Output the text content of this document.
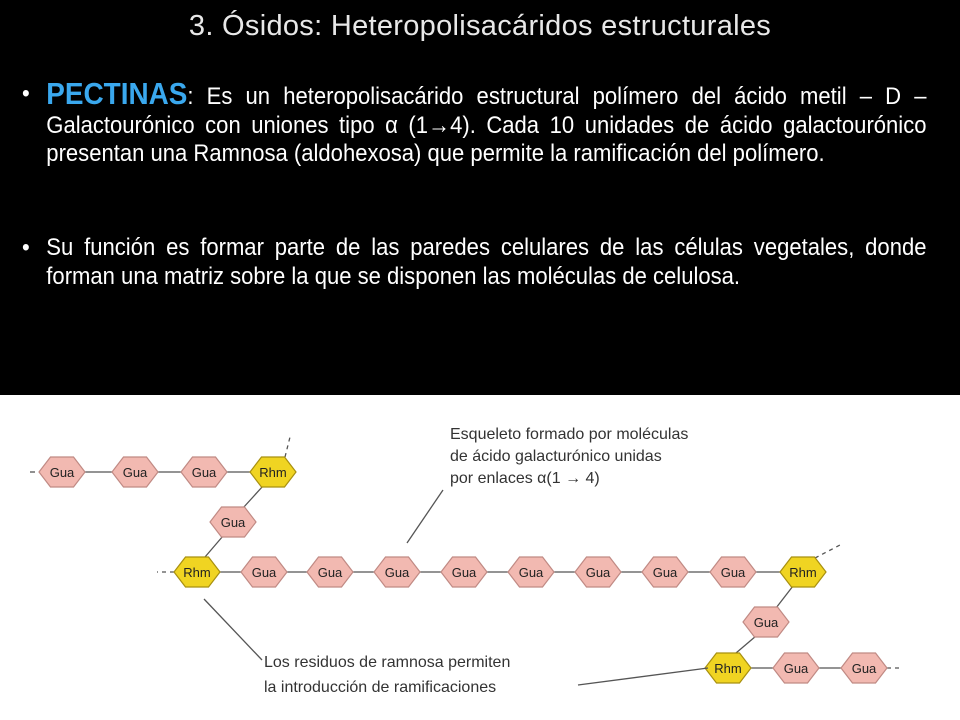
3. Ósidos: Heteropolisacáridos estructurales
• PECTINAS: Es un heteropolisacárido estructural polímero del ácido metil – D – Galactourónico con uniones tipo α (1→4). Cada 10 unidades de ácido galactourónico presentan una Ramnosa (aldohexosa) que permite la ramificación del polímero.
• Su función es formar parte de las paredes celulares de las células vegetales, donde forman una matriz sobre la que se disponen las moléculas de celulosa.
Gua	Gua	Gua	Rhm
Gua
Rhm	Gua	Gua	Gua	Gua	Gua	Gua	Gua	Gua	Rhm
Gua
Rhm	Gua	Gua
Esqueleto formado por moléculas
de ácido galacturónico unidas
por enlaces α(1 → 4)
Los residuos de ramnosa permiten
la introducción de ramificaciones
